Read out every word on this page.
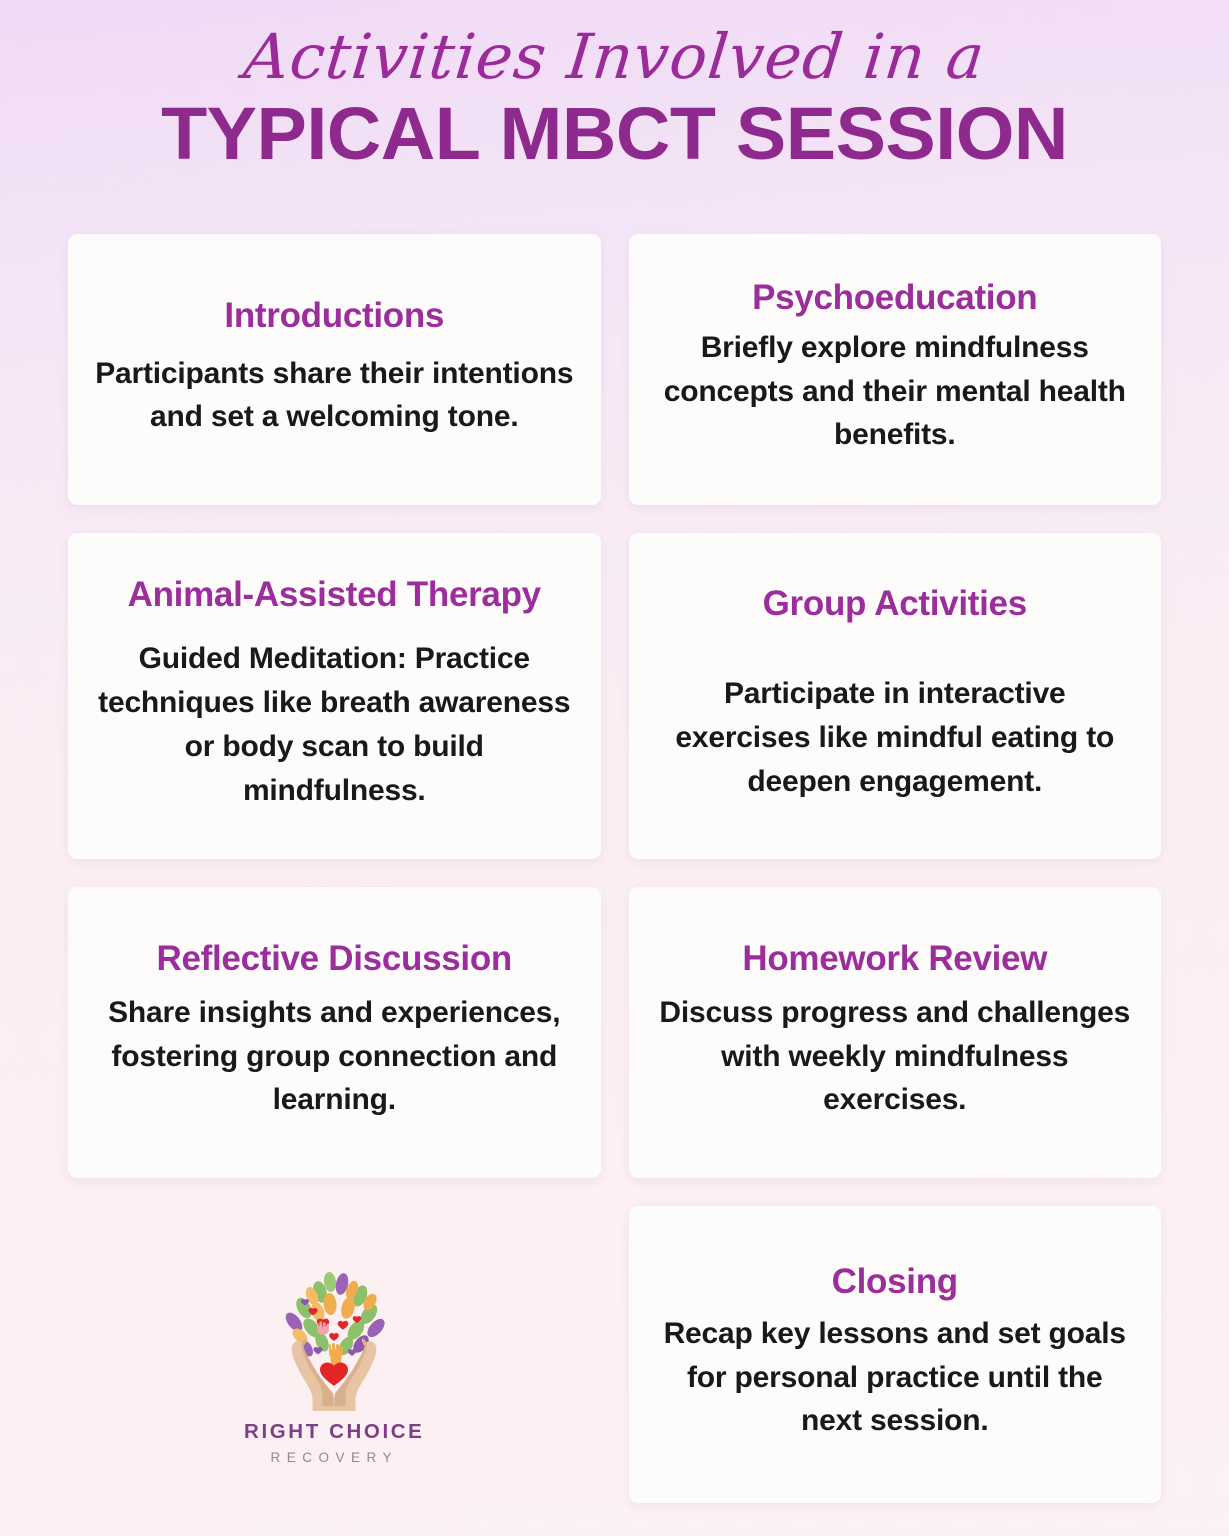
Activities Involved in a
TYPICAL MBCT SESSION
Introductions
Participants share their intentions and set a welcoming tone.
Animal-Assisted Therapy
Guided Meditation: Practice techniques like breath awareness or body scan to build mindfulness.
Reflective Discussion
Share insights and experiences, fostering group connection and learning.
RIGHT CHOICE
RECOVERY
Psychoeducation
Briefly explore mindfulness concepts and their mental health benefits.
Group Activities
Participate in interactive exercises like mindful eating to deepen engagement.
Homework Review
Discuss progress and challenges with weekly mindfulness exercises.
Closing
Recap key lessons and set goals for personal practice until the next session.
